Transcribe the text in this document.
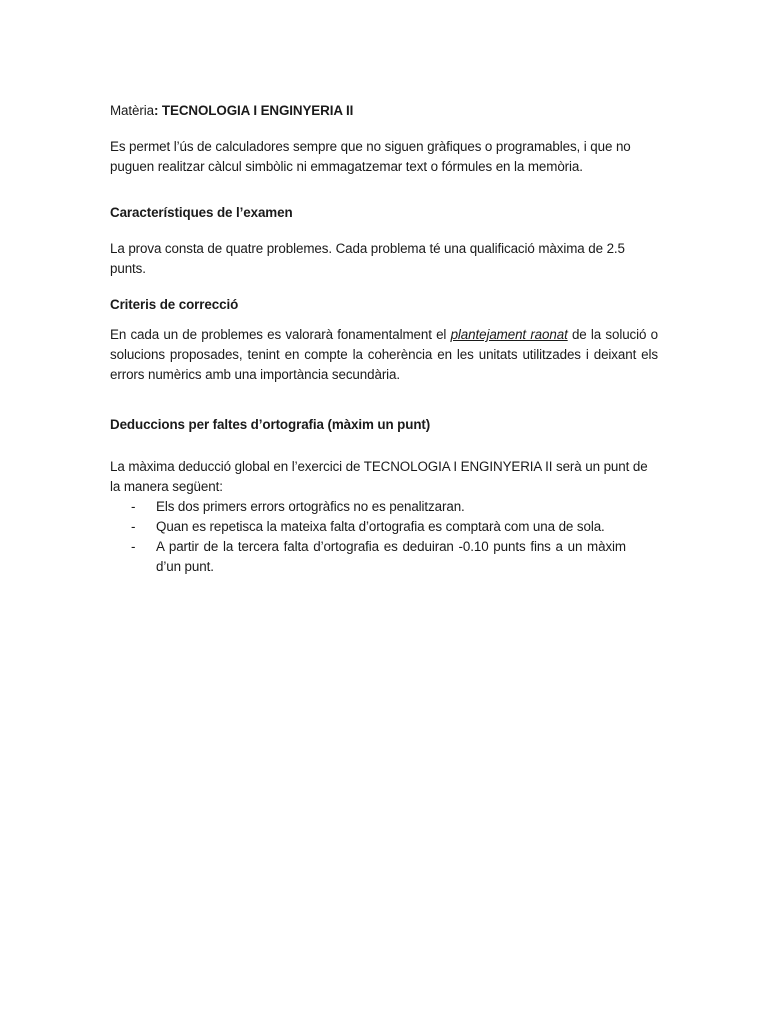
Matèria: TECNOLOGIA I ENGINYERIA II

Es permet l’ús de calculadores sempre que no siguen gràfiques o programables, i que no puguen realitzar càlcul simbòlic ni emmagatzemar text o fórmules en la memòria.

Característiques de l’examen

La prova consta de quatre problemes. Cada problema té una qualificació màxima de 2.5 punts.

Criteris de correcció

En cada un de problemes es valorarà fonamentalment el plantejament raonat de la solució o solucions proposades, tenint en compte la coherència en les unitats utilitzades i deixant els errors numèrics amb una importància secundària.

Deduccions per faltes d’ortografia (màxim un punt)

La màxima deducció global en l’exercici de TECNOLOGIA I ENGINYERIA II serà un punt de la manera següent:

- Els dos primers errors ortogràfics no es penalitzaran.
- Quan es repetisca la mateixa falta d’ortografia es comptarà com una de sola.
- A partir de la tercera falta d’ortografia es deduiran -0.10 punts fins a un màxim d’un punt.
